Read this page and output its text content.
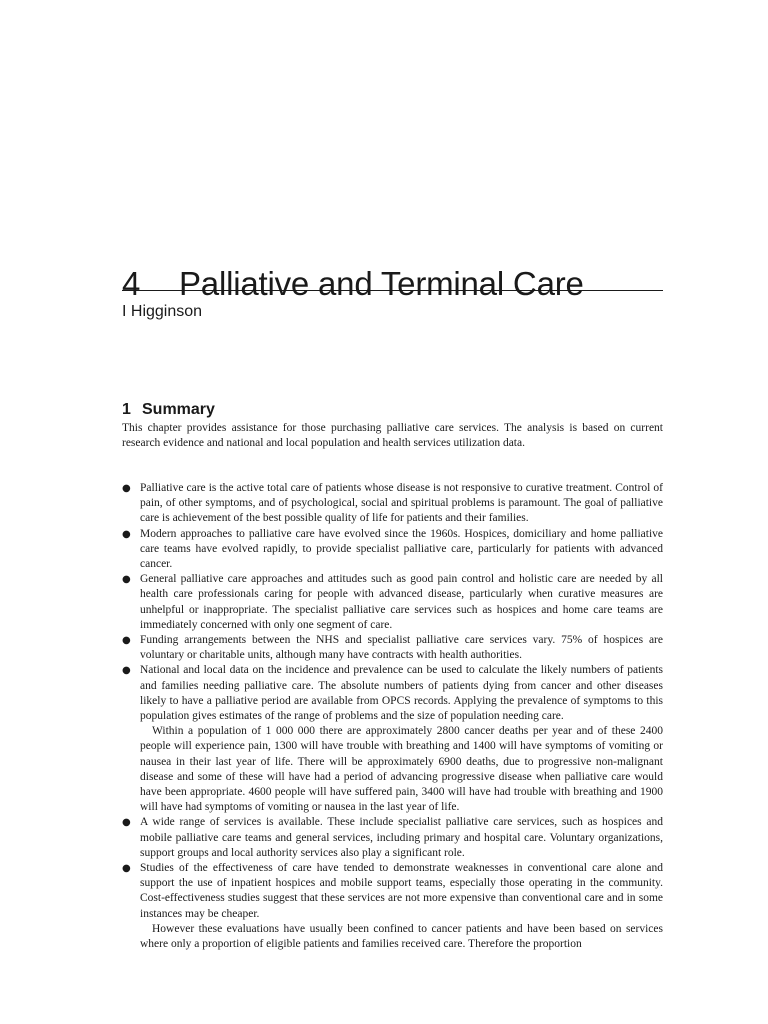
4 Palliative and Terminal Care
I Higginson
1 Summary

This chapter provides assistance for those purchasing palliative care services. The analysis is based on current research evidence and national and local population and health services utilization data.

● Palliative care is the active total care of patients whose disease is not responsive to curative treatment. Control of pain, of other symptoms, and of psychological, social and spiritual problems is paramount. The goal of palliative care is achievement of the best possible quality of life for patients and their families.

● Modern approaches to palliative care have evolved since the 1960s. Hospices, domiciliary and home palliative care teams have evolved rapidly, to provide specialist palliative care, particularly for patients with advanced cancer.

● General palliative care approaches and attitudes such as good pain control and holistic care are needed by all health care professionals caring for people with advanced disease, particularly when curative measures are unhelpful or inappropriate. The specialist palliative care services such as hospices and home care teams are immediately concerned with only one segment of care.

● Funding arrangements between the NHS and specialist palliative care services vary. 75% of hospices are voluntary or charitable units, although many have contracts with health authorities.

● National and local data on the incidence and prevalence can be used to calculate the likely numbers of patients and families needing palliative care. The absolute numbers of patients dying from cancer and other diseases likely to have a palliative period are available from OPCS records. Applying the prevalence of symptoms to this population gives estimates of the range of problems and the size of population needing care.

Within a population of 1 000 000 there are approximately 2800 cancer deaths per year and of these 2400 people will experience pain, 1300 will have trouble with breathing and 1400 will have symptoms of vomiting or nausea in their last year of life. There will be approximately 6900 deaths, due to progressive non-malignant disease and some of these will have had a period of advancing progressive disease when palliative care would have been appropriate. 4600 people will have suffered pain, 3400 will have had trouble with breathing and 1900 will have had symptoms of vomiting or nausea in the last year of life.

● A wide range of services is available. These include specialist palliative care services, such as hospices and mobile palliative care teams and general services, including primary and hospital care. Voluntary organizations, support groups and local authority services also play a significant role.

● Studies of the effectiveness of care have tended to demonstrate weaknesses in conventional care alone and support the use of inpatient hospices and mobile support teams, especially those operating in the community. Cost-effectiveness studies suggest that these services are not more expensive than conventional care and in some instances may be cheaper.

However these evaluations have usually been confined to cancer patients and have been based on services where only a proportion of eligible patients and families received care. Therefore the proportion
